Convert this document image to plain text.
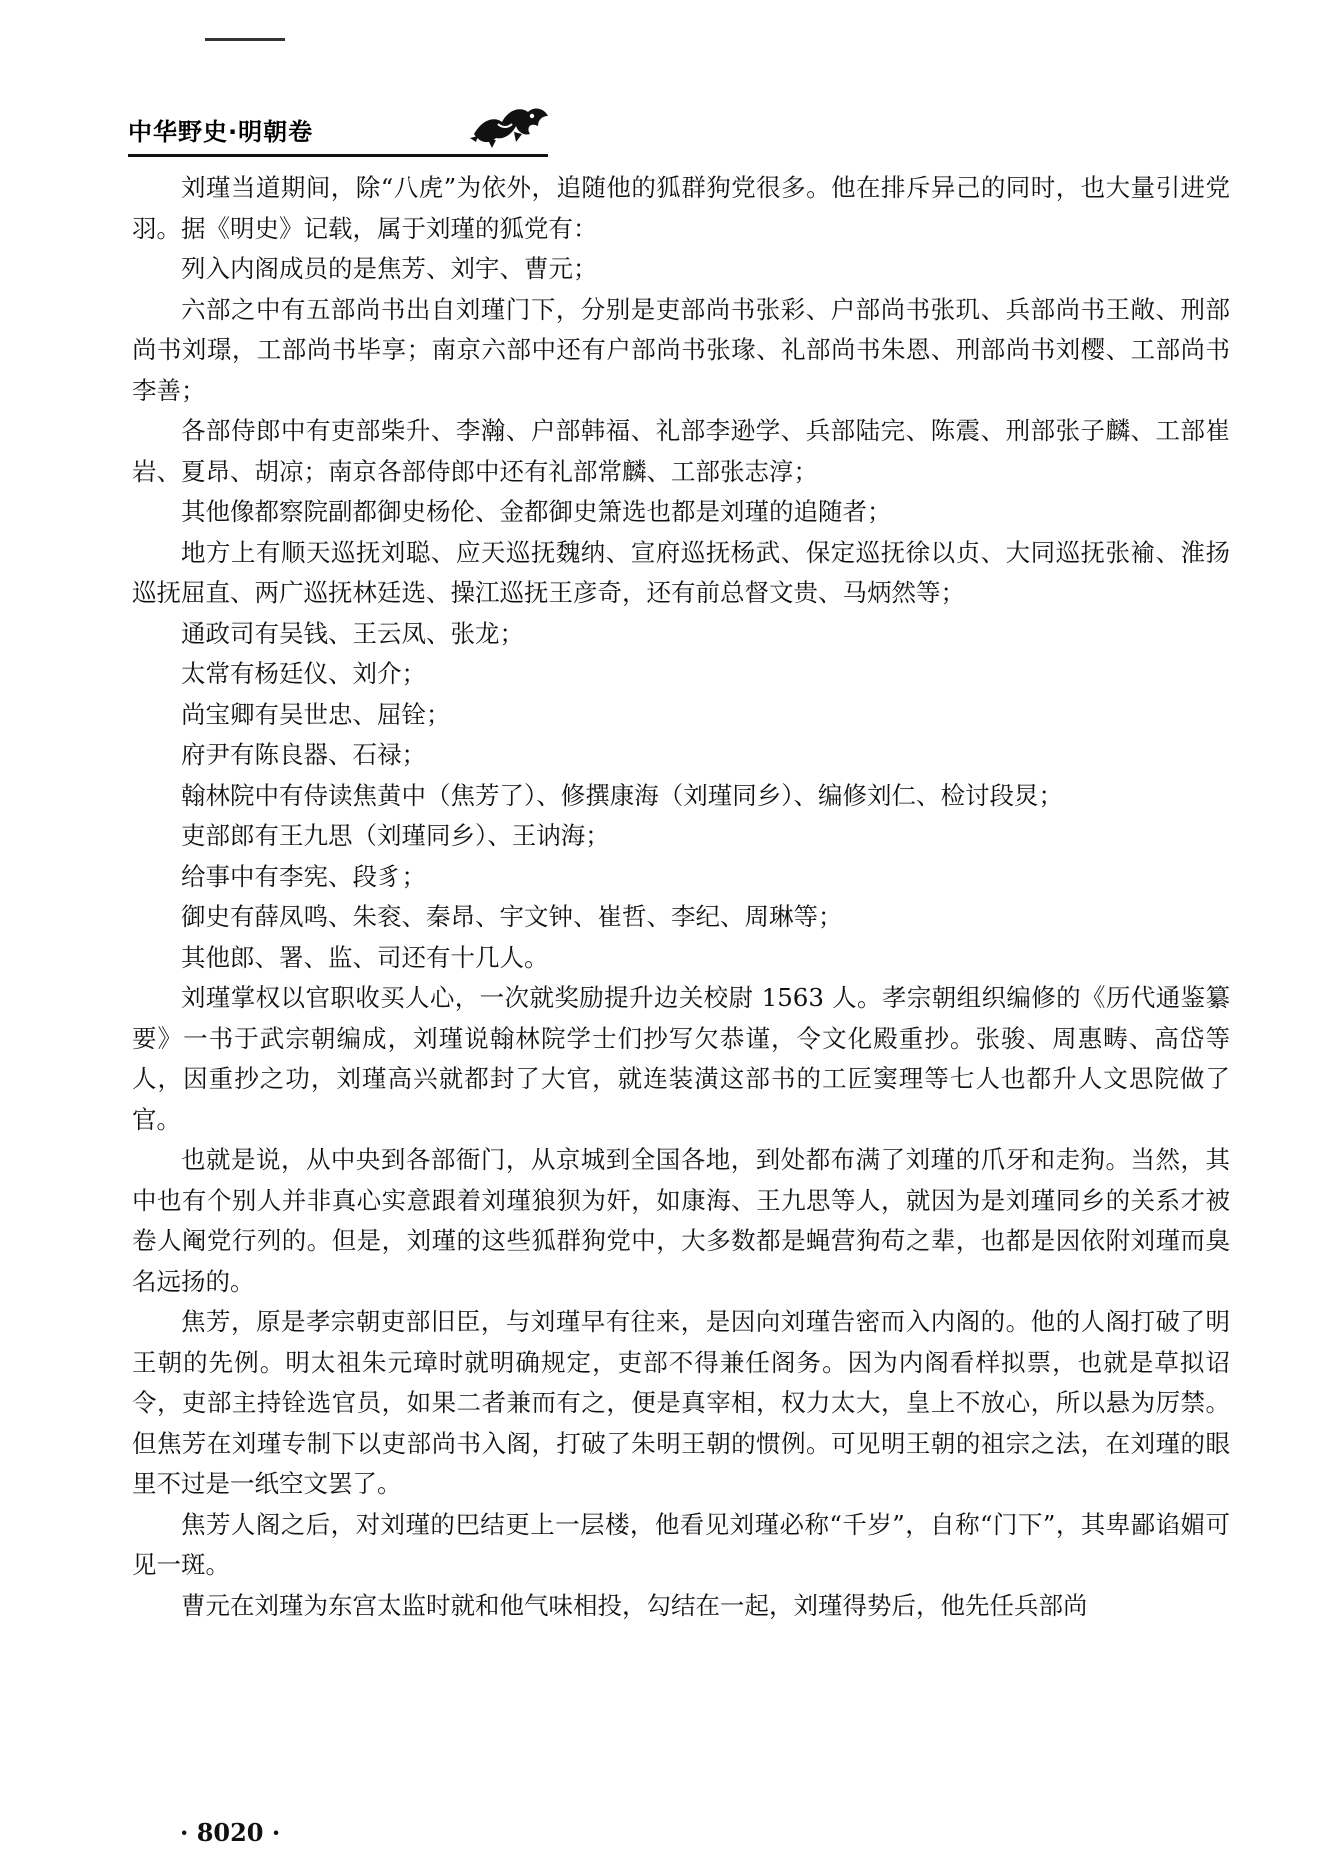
中华野史·明朝卷

刘瑾当道期间，除“八虎”为依外，追随他的狐群狗党很多。他在排斥异己的同时，也大量引进党羽。据《明史》记载，属于刘瑾的狐党有：

列入内阁成员的是焦芳、刘宇、曹元；

六部之中有五部尚书出自刘瑾门下，分别是吏部尚书张彩、户部尚书张玑、兵部尚书王敞、刑部尚书刘璟，工部尚书毕享；南京六部中还有户部尚书张瑑、礼部尚书朱恩、刑部尚书刘樱、工部尚书李善；

各部侍郎中有吏部柴升、李瀚、户部韩福、礼部李逊学、兵部陆完、陈震、刑部张子麟、工部崔岩、夏昂、胡凉；南京各部侍郎中还有礼部常麟、工部张志淳；

其他像都察院副都御史杨伦、金都御史箫选也都是刘瑾的追随者；

地方上有顺天巡抚刘聪、应天巡抚魏纳、宣府巡抚杨武、保定巡抚徐以贞、大同巡抚张褕、淮扬巡抚屈直、两广巡抚林廷选、操江巡抚王彦奇，还有前总督文贵、马炳然等；

通政司有吴钱、王云凤、张龙；

太常有杨廷仪、刘介；

尚宝卿有吴世忠、屈铨；

府尹有陈良器、石禄；

翰林院中有侍读焦黄中（焦芳了）、修撰康海（刘瑾同乡）、编修刘仁、检讨段炅；

吏部郎有王九思（刘瑾同乡）、王讷海；

给事中有李宪、段豸；

御史有薛凤鸣、朱衮、秦昂、宇文钟、崔哲、李纪、周琳等；

其他郎、署、监、司还有十几人。

刘瑾掌权以官职收买人心，一次就奖励提升边关校尉 1563 人。孝宗朝组织编修的《历代通鉴纂要》一书于武宗朝编成，刘瑾说翰林院学士们抄写欠恭谨，令文化殿重抄。张骏、周惠畴、高岱等人，因重抄之功，刘瑾高兴就都封了大官，就连装潢这部书的工匠窦理等七人也都升人文思院做了官。

也就是说，从中央到各部衙门，从京城到全国各地，到处都布满了刘瑾的爪牙和走狗。当然，其中也有个别人并非真心实意跟着刘瑾狼狈为奸，如康海、王九思等人，就因为是刘瑾同乡的关系才被卷人阉党行列的。但是，刘瑾的这些狐群狗党中，大多数都是蝇营狗苟之辈，也都是因依附刘瑾而臭名远扬的。

焦芳，原是孝宗朝吏部旧臣，与刘瑾早有往来，是因向刘瑾告密而入内阁的。他的人阁打破了明王朝的先例。明太祖朱元璋时就明确规定，吏部不得兼任阁务。因为内阁看样拟票，也就是草拟诏令，吏部主持铨选官员，如果二者兼而有之，便是真宰相，权力太大，皇上不放心，所以悬为厉禁。但焦芳在刘瑾专制下以吏部尚书入阁，打破了朱明王朝的惯例。可见明王朝的祖宗之法，在刘瑾的眼里不过是一纸空文罢了。

焦芳人阁之后，对刘瑾的巴结更上一层楼，他看见刘瑾必称“千岁”，自称“门下”，其卑鄙谄媚可见一斑。

曹元在刘瑾为东宫太监时就和他气味相投，勾结在一起，刘瑾得势后，他先任兵部尚

· 8020 ·
